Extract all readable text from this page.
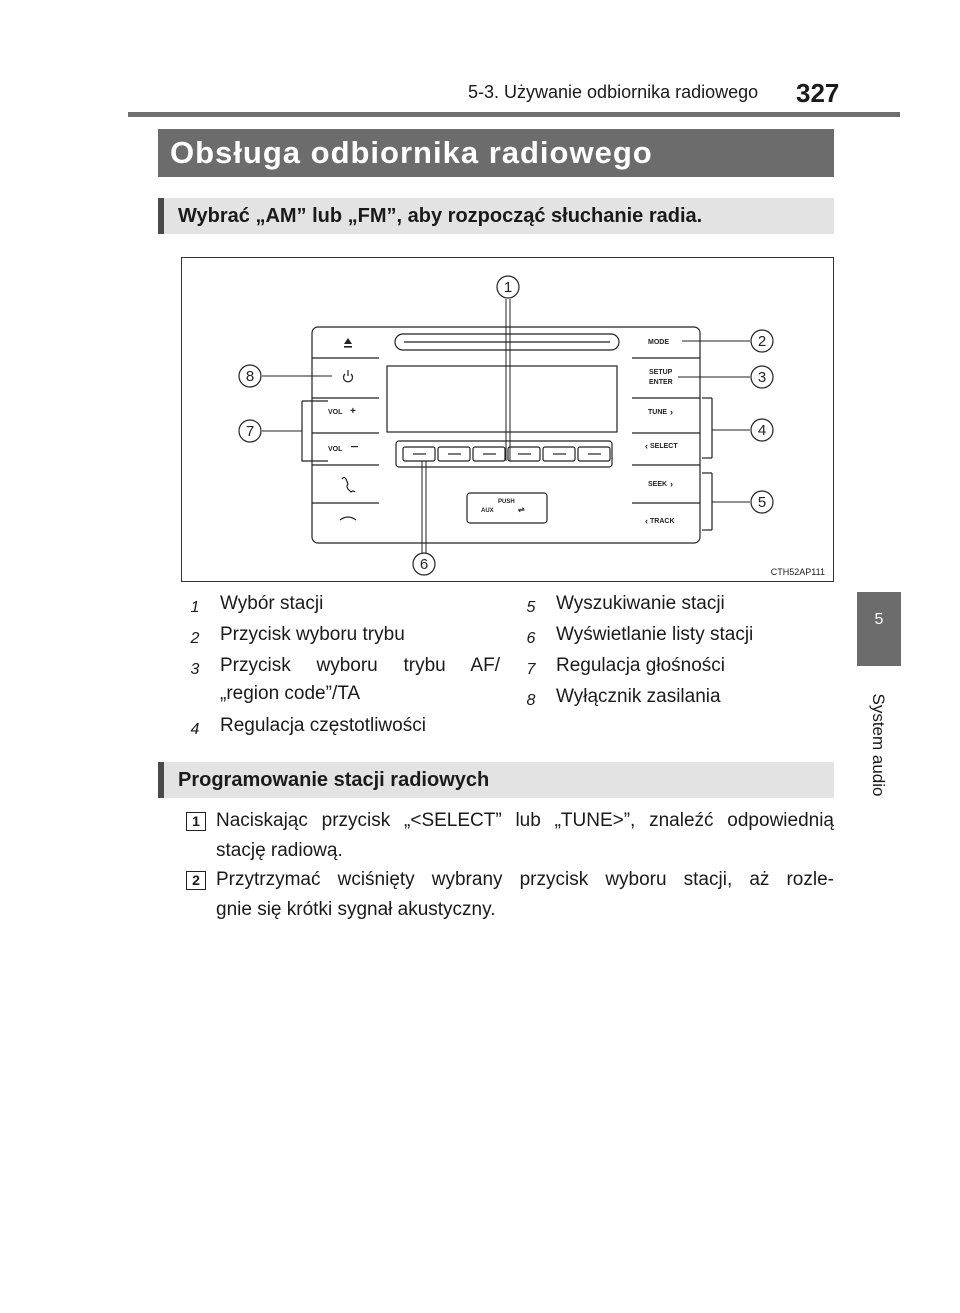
5-3. Używanie odbiornika radiowego 327
5
System audio
Obsługa odbiornika radiowego
Wybrać „AM” lub „FM”, aby rozpocząć słuchanie radia.
VOL +
VOL
MODE
SETUP
ENTER
TUNE ›
‹ SELECT
SEEK ›
‹ TRACK
PUSH
AUX	⇌
1
2
3
4
5
6
7
8
CTH52AP111
1 Wybór stacji
2 Przycisk wyboru trybu
3 Przycisk wyboru trybu AF/
„region code”/TA
4 Regulacja częstotliwości
5 Wyszukiwanie stacji
6 Wyświetlanie listy stacji
7 Regulacja głośności
8 Wyłącznik zasilania
Programowanie stacji radiowych
1 Naciskając przycisk „<SELECT” lub „TUNE>”, znaleźć odpowiednią
stację radiową.
2 Przytrzymać wciśnięty wybrany przycisk wyboru stacji, aż rozle-
gnie się krótki sygnał akustyczny.
